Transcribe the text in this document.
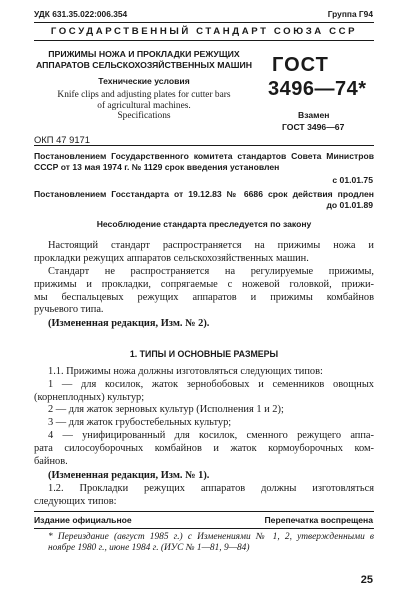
УДК 631.35.022:006.354	Группа Г94
ГОСУДАРСТВЕННЫЙ СТАНДАРТ СОЮЗА ССР
ПРИЖИМЫ НОЖА И ПРОКЛАДКИ РЕЖУЩИХ
АППАРАТОВ СЕЛЬСКОХОЗЯЙСТВЕННЫХ МАШИН
Технические условия
Knife clips and adjusting plates for cutter bars
of agricultural machines.
Specifications
ГОСТ
3496—74*
Взамен
ГОСТ 3496—67
ОКП 47 9171
Постановлением Государственного комитета стандартов Совета Министров
СССР от 13 мая 1974 г. № 1129 срок введения установлен
с 01.01.75
Постановлением Госстандарта от 19.12.83 № 6686 срок действия продлен
до 01.01.89
Несоблюдение стандарта преследуется по закону
Настоящий стандарт распространяется на прижимы ножа и
прокладки режущих аппаратов сельскохозяйственных машин.
Стандарт не распространяется на регулируемые прижимы,
прижимы и прокладки, сопрягаемые с ножевой головкой, прижи-
мы беспальцевых режущих аппаратов и прижимы комбайнов
ручьевого типа.
(Измененная редакция, Изм. № 2).
1. ТИПЫ И ОСНОВНЫЕ РАЗМЕРЫ
1.1. Прижимы ножа должны изготовляться следующих типов:
1 — для косилок, жаток зернобобовых и семенников овощных
(корнеплодных) культур;
2 — для жаток зерновых культур (Исполнения 1 и 2);
3 — для жаток грубостебельных культур;
4 — унифицированный для косилок, сменного режущего аппа-
рата силосоуборочных комбайнов и жаток кормоуборочных ком-
байнов.
(Измененная редакция, Изм. № 1).
1.2. Прокладки режущих аппаратов должны изготовляться
следующих типов:
Издание официальное	Перепечатка воспрещена
* Переиздание (август 1985 г.) с Изменениями № 1, 2, утвержденными в
ноябре 1980 г., июне 1984 г. (ИУС № 1—81, 9—84)
25
